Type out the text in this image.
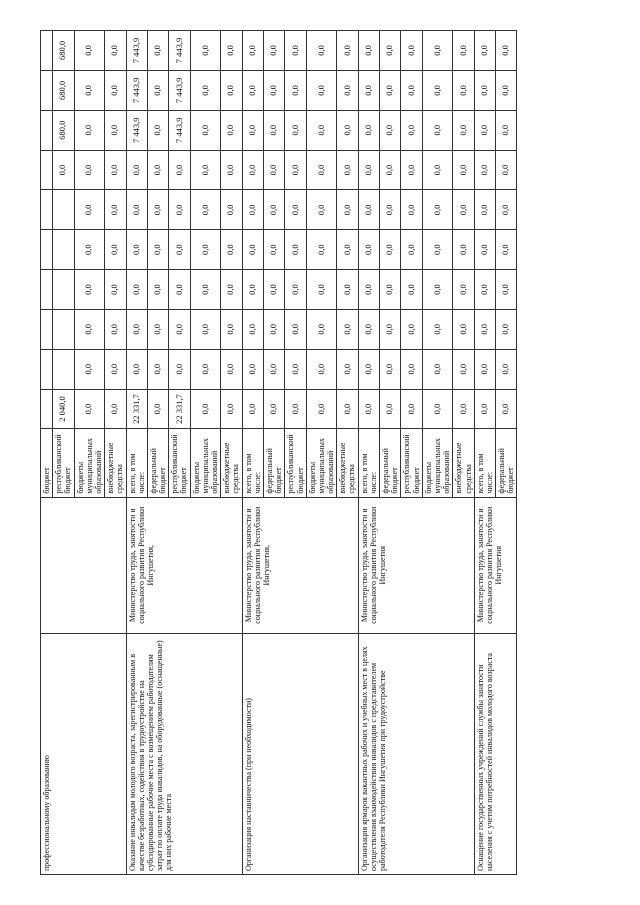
профессиональному образованию		бюджет										
		республиканский бюджет	2 040,0						0,0	680,0	680,0	680,0
		бюджеты муниципальных образований	0,0	0,0	0,0	0,0	0,0	0,0	0,0	0,0	0,0	0,0
		внебюджетные средства	0,0	0,0	0,0	0,0	0,0	0,0	0,0	0,0	0,0	0,0
Оказание инвалидам молодого возраста, зарегистрированным в качестве безработных, содействия в трудоустройстве на субсидированные рабочие места с возмещением работодателям затрат по оплате труда инвалидов, на оборудованные (оснащенные) для них рабочие места	Министерство труда, занятости и социального развития Республики Ингушетия,	всего, в том числе:	22 331,7	0,0	0,0	0,0	0,0	0,0	0,0	7 443,9	7 443,9	7 443,9
		федеральный бюджет	0,0	0,0	0,0	0,0	0,0	0,0	0,0	0,0	0,0	0,0
		республиканский бюджет	22 331,7	0,0	0,0	0,0	0,0	0,0	0,0	7 443,9	7 443,9	7 443,9
		бюджеты муниципальных образований	0,0	0,0	0,0	0,0	0,0	0,0	0,0	0,0	0,0	0,0
		внебюджетные средства	0,0	0,0	0,0	0,0	0,0	0,0	0,0	0,0	0,0	0,0
Организация наставничества (при необходимости)	Министерство труда, занятости и социального развития Республики Ингушетия,	всего, в том числе:	0,0	0,0	0,0	0,0	0,0	0,0	0,0	0,0	0,0	0,0
		федеральный бюджет	0,0	0,0	0,0	0,0	0,0	0,0	0,0	0,0	0,0	0,0
		республиканский бюджет	0,0	0,0	0,0	0,0	0,0	0,0	0,0	0,0	0,0	0,0
		бюджеты муниципальных образований	0,0	0,0	0,0	0,0	0,0	0,0	0,0	0,0	0,0	0,0
		внебюджетные средства	0,0	0,0	0,0	0,0	0,0	0,0	0,0	0,0	0,0	0,0
Организация ярмарок вакантных рабочих и учебных мест в целях осуществления взаимодействия инвалидов с представителем работодателя Республики Ингушетия при трудоустройстве	Министерство труда, занятости и социального развития Республики Ингушетия	всего, в том числе:	0,0	0,0	0,0	0,0	0,0	0,0	0,0	0,0	0,0	0,0
		федеральный бюджет	0,0	0,0	0,0	0,0	0,0	0,0	0,0	0,0	0,0	0,0
		республиканский бюджет	0,0	0,0	0,0	0,0	0,0	0,0	0,0	0,0	0,0	0,0
		бюджеты муниципальных образований	0,0	0,0	0,0	0,0	0,0	0,0	0,0	0,0	0,0	0,0
		внебюджетные средства	0,0	0,0	0,0	0,0	0,0	0,0	0,0	0,0	0,0	0,0
Оснащение государственных учреждений службы занятости населения с учетом потребностей инвалидов молодого возраста	Министерство труда, занятости и социального развития Республики Ингушетия	всего, в том числе:	0,0	0,0	0,0	0,0	0,0	0,0	0,0	0,0	0,0	0,0
		федеральный бюджет	0,0	0,0	0,0	0,0	0,0	0,0	0,0	0,0	0,0	0,0
